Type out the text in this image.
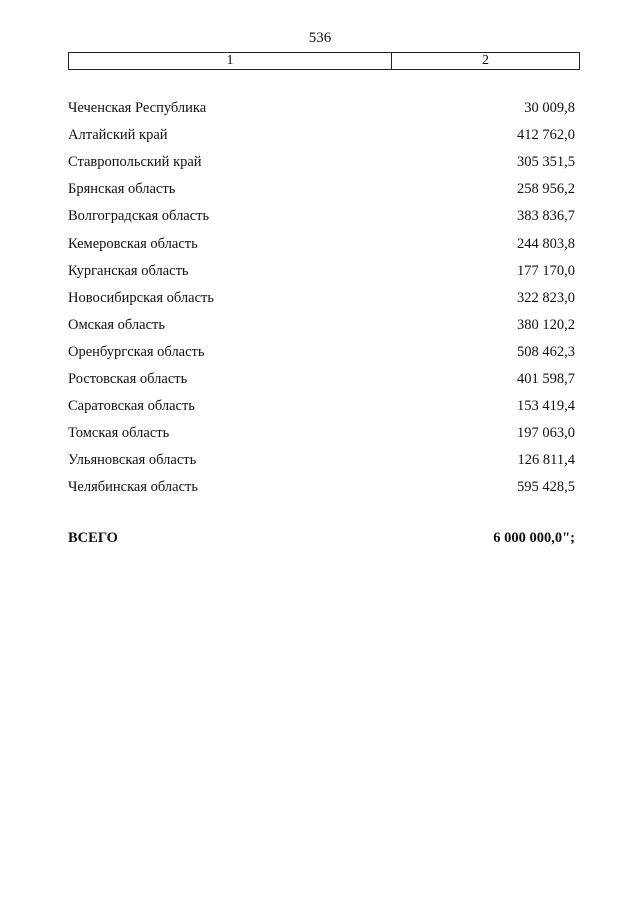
536
1	2
Чеченская Республика	30 009,8
Алтайский край	412 762,0
Ставропольский край	305 351,5
Брянская область	258 956,2
Волгоградская область	383 836,7
Кемеровская область	244 803,8
Курганская область	177 170,0
Новосибирская область	322 823,0
Омская область	380 120,2
Оренбургская область	508 462,3
Ростовская область	401 598,7
Саратовская область	153 419,4
Томская область	197 063,0
Ульяновская область	126 811,4
Челябинская область	595 428,5
ВСЕГО	6 000 000,0";
